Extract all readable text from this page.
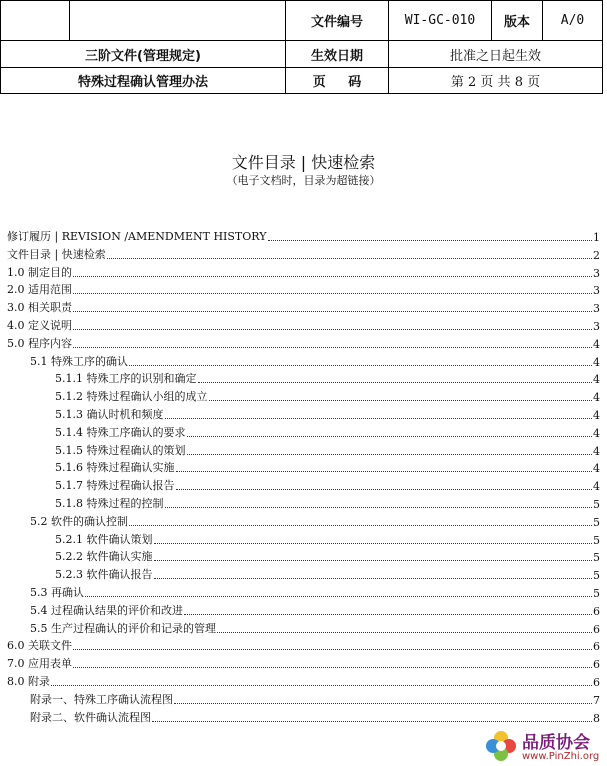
文件编号	WI-GC-010	版本	A/0
三阶文件(管理规定)	生效日期	批准之日起生效
特殊过程确认管理办法	页 码	第 2 页 共 8 页
文件目录 | 快速检索
（电子文档时，目录为超链接）
修订履历 | REVISION /AMENDMENT HISTORY	1
文件目录 | 快速检索	2
1.0 制定目的	3
2.0 适用范围	3
3.0 相关职责	3
4.0 定义说明	3
5.0 程序内容	4
5.1 特殊工序的确认	4
5.1.1 特殊工序的识别和确定	4
5.1.2 特殊过程确认小组的成立	4
5.1.3 确认时机和频度	4
5.1.4 特殊工序确认的要求	4
5.1.5 特殊过程确认的策划	4
5.1.6 特殊过程确认实施	4
5.1.7 特殊过程确认报告	4
5.1.8 特殊过程的控制	5
5.2 软件的确认控制	5
5.2.1 软件确认策划	5
5.2.2 软件确认实施	5
5.2.3 软件确认报告	5
5.3 再确认	5
5.4 过程确认结果的评价和改进	6
5.5 生产过程确认的评价和记录的管理	6
6.0 关联文件	6
7.0 应用表单	6
8.0 附录	6
附录一、特殊工序确认流程图	7
附录二、软件确认流程图	8
品质协会
www.PinZhi.org
